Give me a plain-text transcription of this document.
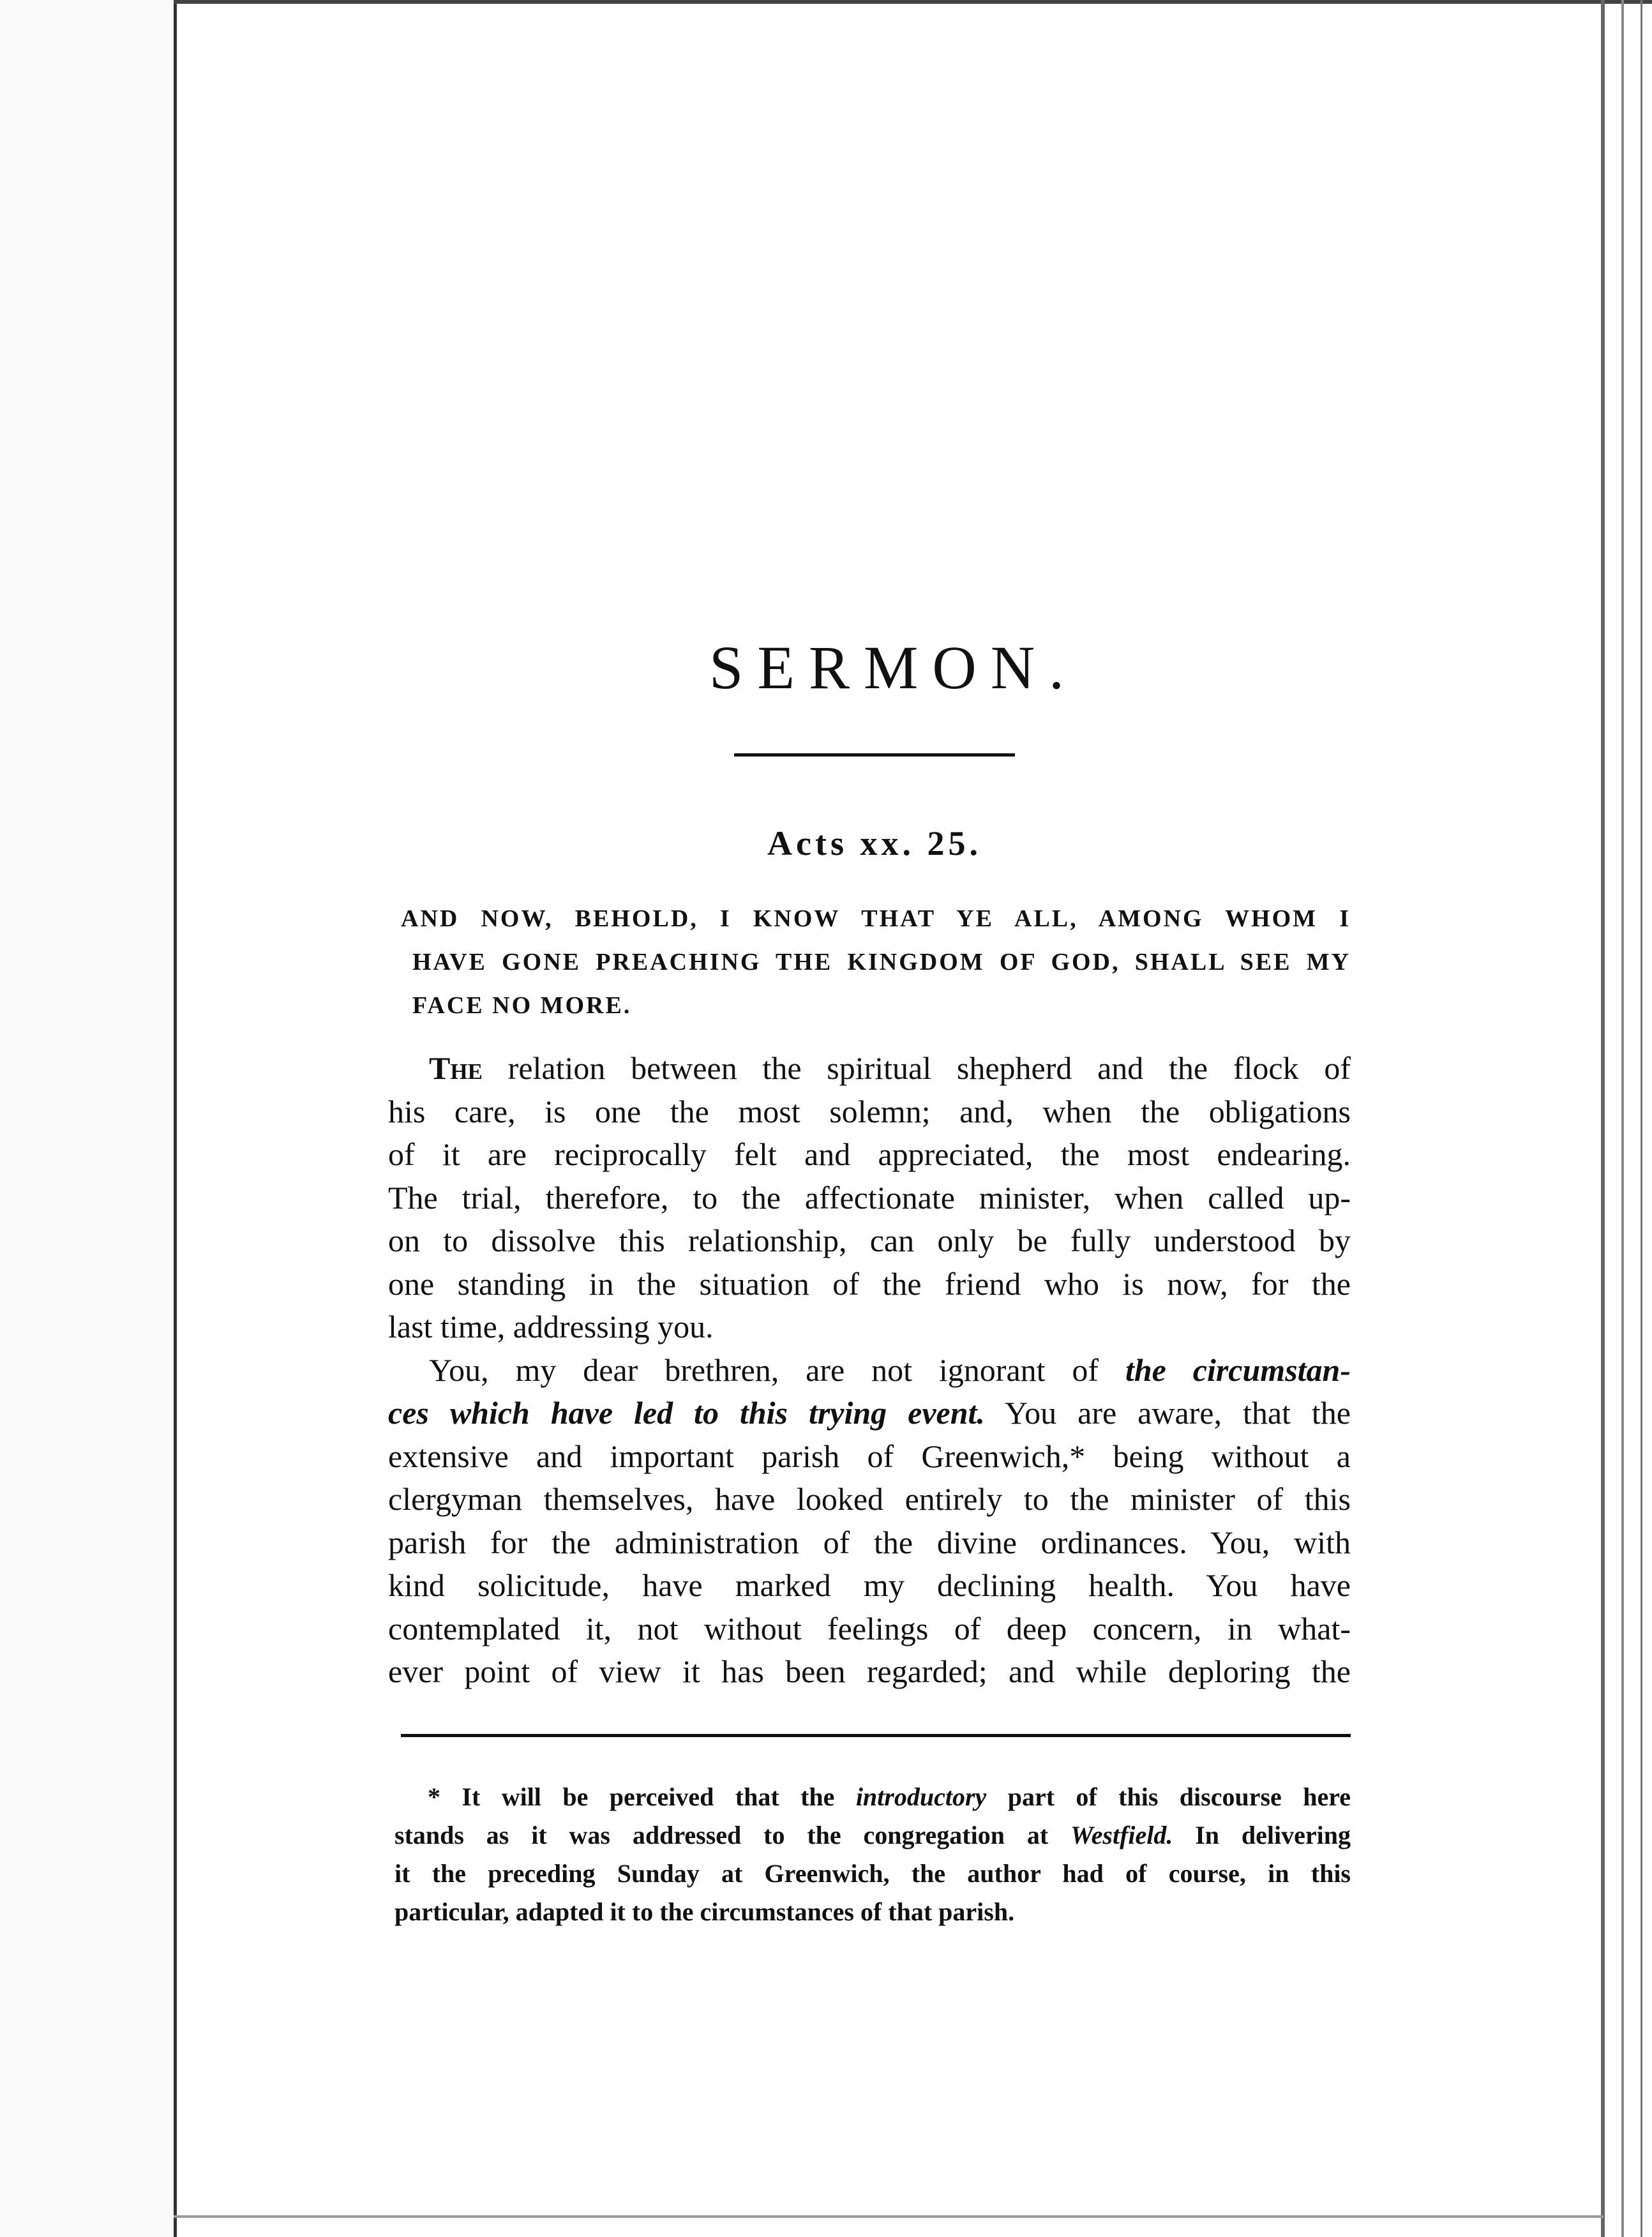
SERMON.

Acts xx. 25.

AND NOW, BEHOLD, I KNOW THAT YE ALL, AMONG WHOM I
HAVE GONE PREACHING THE KINGDOM OF GOD, SHALL SEE MY
FACE NO MORE.
The relation between the spiritual shepherd and the flock of
his care, is one the most solemn; and, when the obligations
of it are reciprocally felt and appreciated, the most endearing.
The trial, therefore, to the affectionate minister, when called up-
on to dissolve this relationship, can only be fully understood by
one standing in the situation of the friend who is now, for the
last time, addressing you.
You, my dear brethren, are not ignorant of the circumstan-
ces which have led to this trying event. You are aware, that the
extensive and important parish of Greenwich,* being without a
clergyman themselves, have looked entirely to the minister of this
parish for the administration of the divine ordinances. You, with
kind solicitude, have marked my declining health. You have
contemplated it, not without feelings of deep concern, in what-
ever point of view it has been regarded; and while deploring the
* It will be perceived that the introductory part of this discourse here
stands as it was addressed to the congregation at Westfield. In delivering
it the preceding Sunday at Greenwich, the author had of course, in this
particular, adapted it to the circumstances of that parish.
